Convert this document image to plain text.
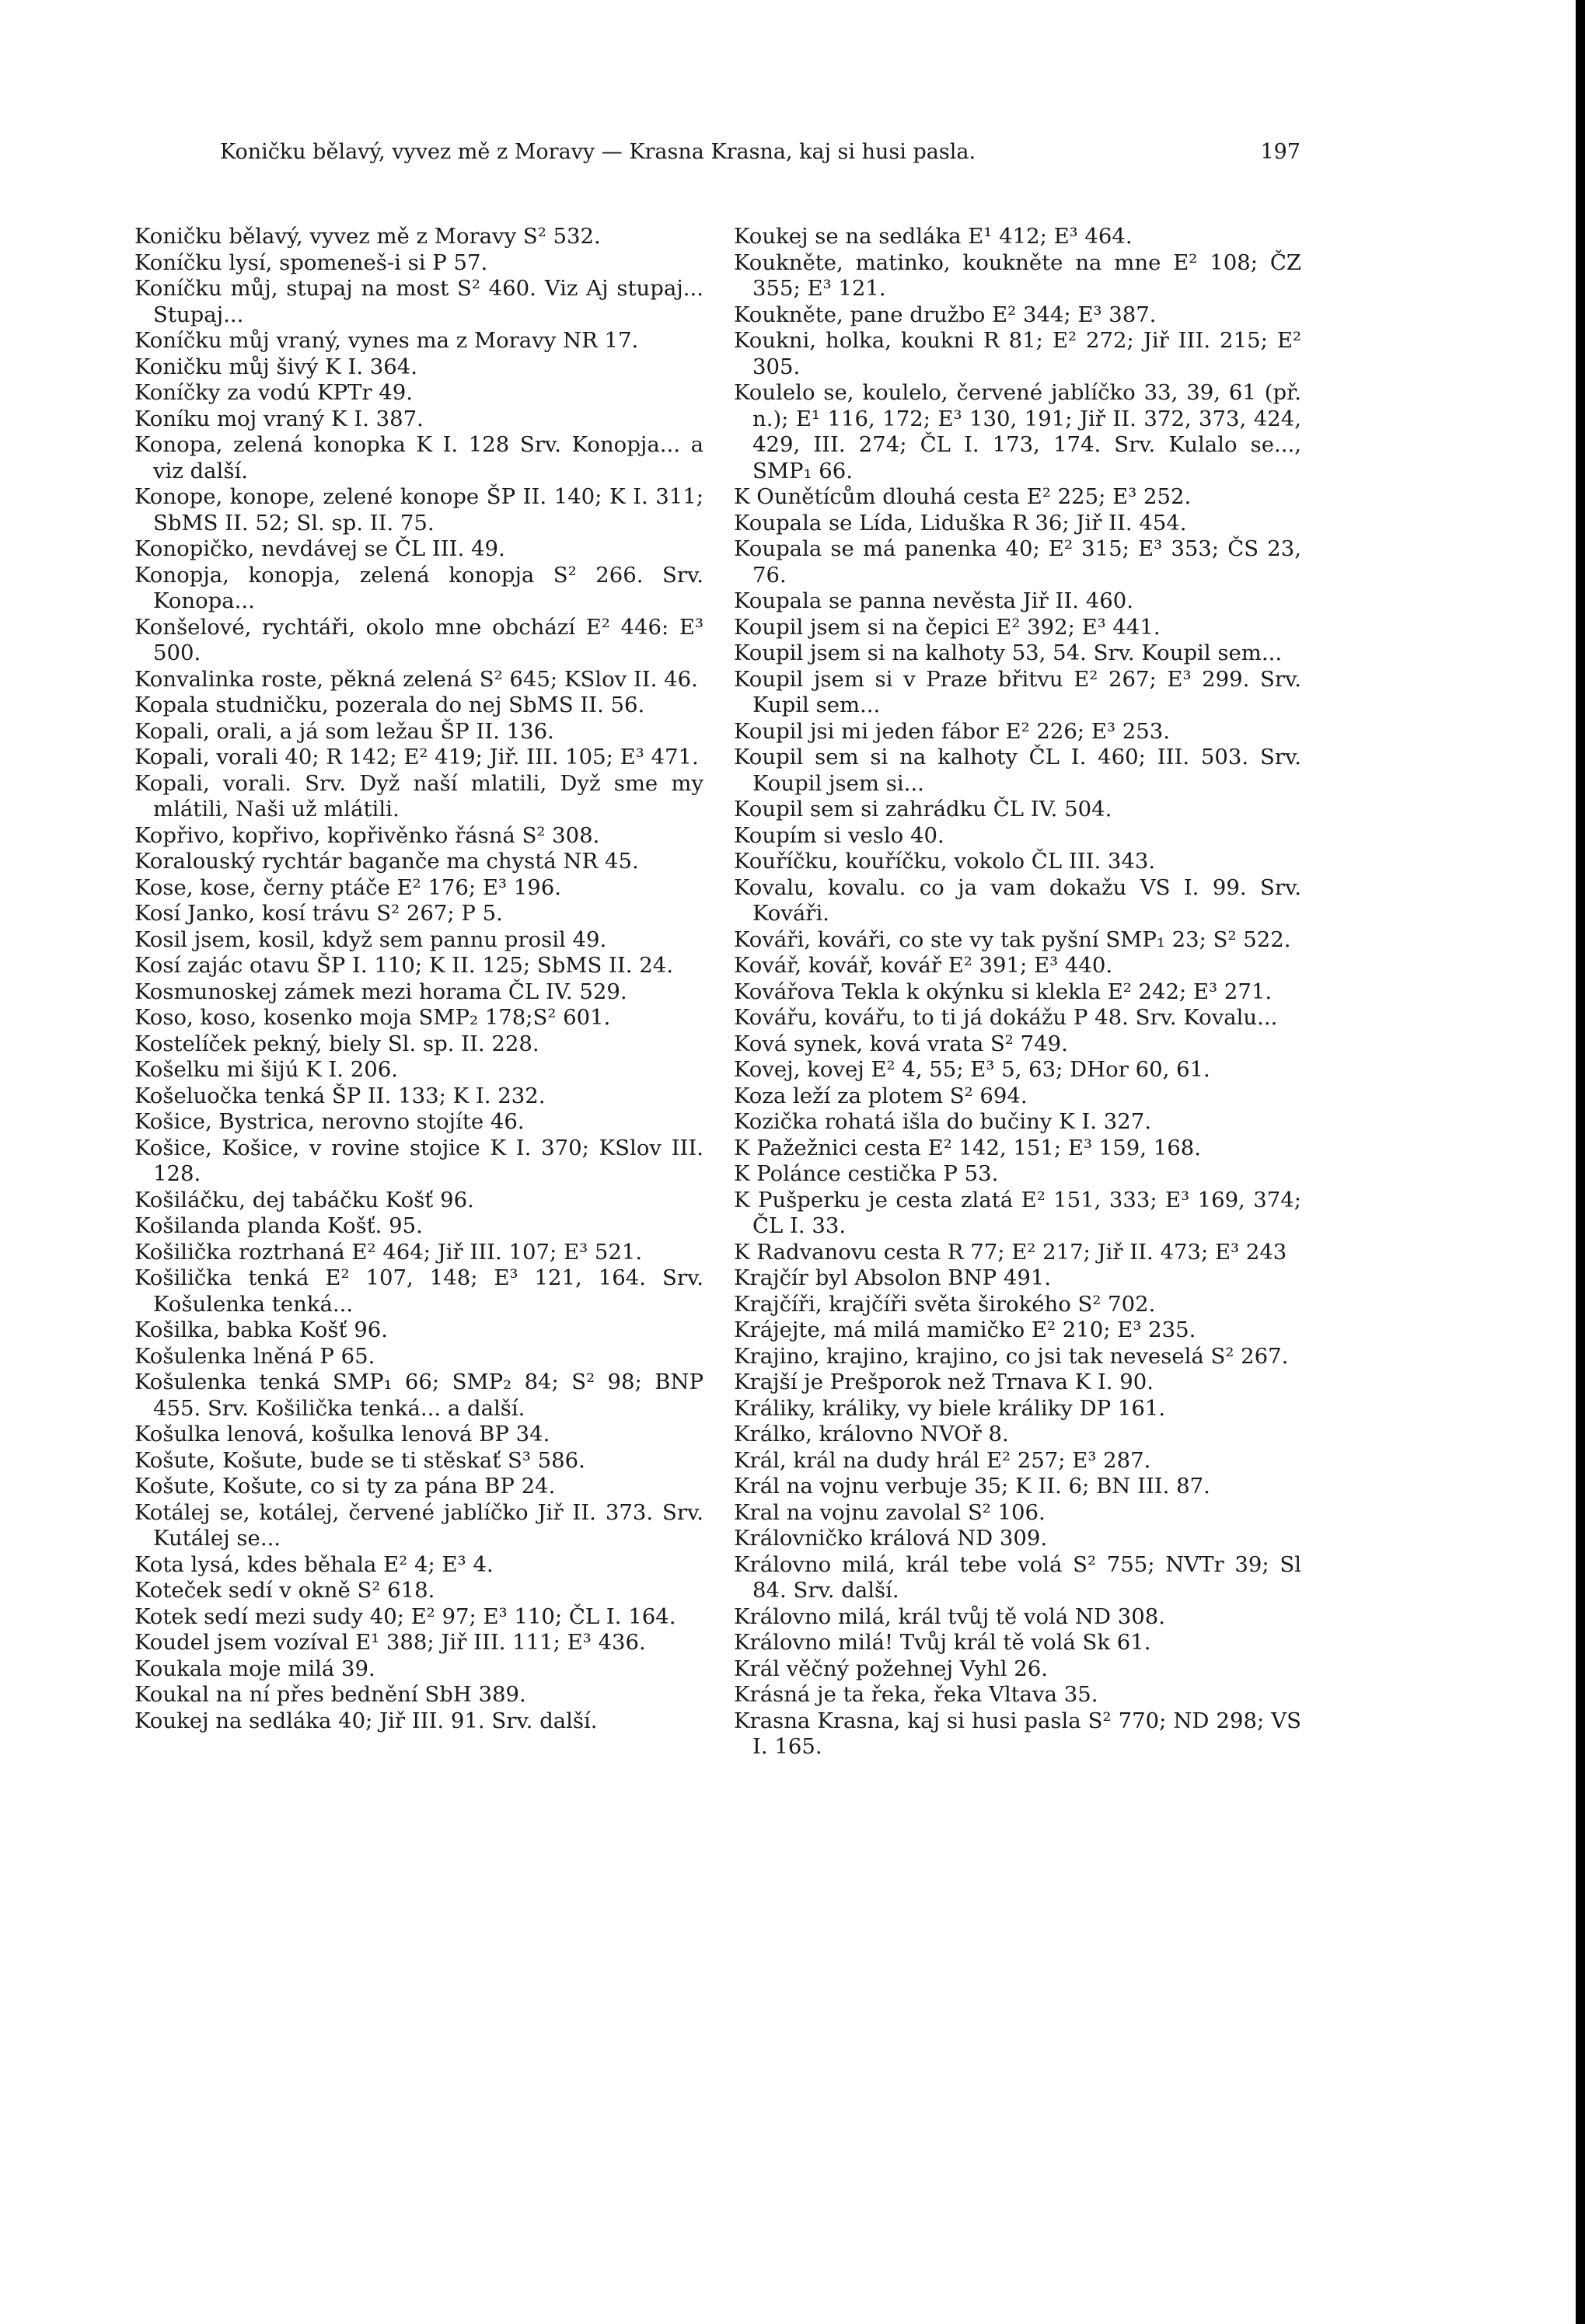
Koničku bělavý, vyvez mě z Moravy — Krasna Krasna, kaj si husi pasla.	197

Koničku bělavý, vyvez mě z Moravy S² 532.

Koníčku lysí, spomeneš-i si P 57.

Koníčku můj, stupaj na most S² 460. Viz Aj stupaj... Stupaj...

Koníčku můj vraný, vynes ma z Moravy NR 17.

Koničku můj šivý K I. 364.

Koníčky za vodú KPTr 49.

Koníku moj vraný K I. 387.

Konopa, zelená konopka K I. 128 Srv. Konopja... a viz další.

Konope, konope, zelené konope ŠP II. 140; K I. 311; SbMS II. 52; Sl. sp. II. 75.

Konopičko, nevdávej se ČL III. 49.

Konopja, konopja, zelená konopja S² 266. Srv. Konopa...

Konšelové, rychtáři, okolo mne obchází E² 446: E³ 500.

Konvalinka roste, pěkná zelená S² 645; KSlov II. 46.

Kopala studničku, pozerala do nej SbMS II. 56.

Kopali, orali, a já som ležau ŠP II. 136.

Kopali, vorali 40; R 142; E² 419; Jiř. III. 105; E³ 471.

Kopali, vorali. Srv. Dyž naší mlatili, Dyž sme my mlátili, Naši už mlátili.

Kopřivo, kopřivo, kopřivěnko řásná S² 308.

Koralouský rychtár baganče ma chystá NR 45.

Kose, kose, černy ptáče E² 176; E³ 196.

Kosí Janko, kosí trávu S² 267; P 5.

Kosil jsem, kosil, když sem pannu prosil 49.

Kosí zajác otavu ŠP I. 110; K II. 125; SbMS II. 24.

Kosmunoskej zámek mezi horama ČL IV. 529.

Koso, koso, kosenko moja SMP₂ 178;S² 601.

Kostelíček pekný, biely Sl. sp. II. 228.

Košelku mi šijú K I. 206.

Košeluočka tenká ŠP II. 133; K I. 232.

Košice, Bystrica, nerovno stojíte 46.

Košice, Košice, v rovine stojice K I. 370; KSlov III. 128.

Košiláčku, dej tabáčku Košť 96.

Košilanda planda Košť. 95.

Košilička roztrhaná E² 464; Jiř III. 107; E³ 521.

Košilička tenká E² 107, 148; E³ 121, 164. Srv. Košulenka tenká...

Košilka, babka Košť 96.

Košulenka lněná P 65.

Košulenka tenká SMP₁ 66; SMP₂ 84; S² 98; BNP 455. Srv. Košilička tenká... a další.

Košulka lenová, košulka lenová BP 34.

Košute, Košute, bude se ti stěskať S³ 586.

Košute, Košute, co si ty za pána BP 24.

Kotálej se, kotálej, červené jablíčko Jiř II. 373. Srv. Kutálej se...

Kota lysá, kdes běhala E² 4; E³ 4.

Koteček sedí v okně S² 618.

Kotek sedí mezi sudy 40; E² 97; E³ 110; ČL I. 164.

Koudel jsem vozíval E¹ 388; Jiř III. 111; E³ 436.

Koukala moje milá 39.

Koukal na ní přes bednění SbH 389.

Koukej na sedláka 40; Jiř III. 91. Srv. další.

Koukej se na sedláka E¹ 412; E³ 464.

Koukněte, matinko, koukněte na mne E² 108; ČZ 355; E³ 121.

Koukněte, pane družbo E² 344; E³ 387.

Koukni, holka, koukni R 81; E² 272; Jiř III. 215; E² 305.

Koulelo se, koulelo, červené jablíčko 33, 39, 61 (př. n.); E¹ 116, 172; E³ 130, 191; Jiř II. 372, 373, 424, 429, III. 274; ČL I. 173, 174. Srv. Kulalo se..., SMP₁ 66.

K Ounětícům dlouhá cesta E² 225; E³ 252.

Koupala se Lída, Liduška R 36; Jiř II. 454.

Koupala se má panenka 40; E² 315; E³ 353; ČS 23, 76.

Koupala se panna nevěsta Jiř II. 460.

Koupil jsem si na čepici E² 392; E³ 441.

Koupil jsem si na kalhoty 53, 54. Srv. Koupil sem...

Koupil jsem si v Praze břitvu E² 267; E³ 299. Srv. Kupil sem...

Koupil jsi mi jeden fábor E² 226; E³ 253.

Koupil sem si na kalhoty ČL I. 460; III. 503. Srv. Koupil jsem si...

Koupil sem si zahrádku ČL IV. 504.

Koupím si veslo 40.

Kouříčku, kouříčku, vokolo ČL III. 343.

Kovalu, kovalu. co ja vam dokažu VS I. 99. Srv. Kováři.

Kováři, kováři, co ste vy tak pyšní SMP₁ 23; S² 522.

Kovář, kovář, kovář E² 391; E³ 440.

Kovářova Tekla k okýnku si klekla E² 242; E³ 271.

Kovářu, kovářu, to ti já dokážu P 48. Srv. Kovalu...

Ková synek, ková vrata S² 749.

Kovej, kovej E² 4, 55; E³ 5, 63; DHor 60, 61.

Koza leží za plotem S² 694.

Kozička rohatá išla do bučiny K I. 327.

K Pažežnici cesta E² 142, 151; E³ 159, 168.

K Polánce cestička P 53.

K Pušperku je cesta zlatá E² 151, 333; E³ 169, 374; ČL I. 33.

K Radvanovu cesta R 77; E² 217; Jiř II. 473; E³ 243

Krajčír byl Absolon BNP 491.

Krajčíři, krajčíři světa širokého S² 702.

Krájejte, má milá mamičko E² 210; E³ 235.

Krajino, krajino, krajino, co jsi tak neveselá S² 267.

Krajší je Prešporok než Trnava K I. 90.

Králiky, králiky, vy biele králiky DP 161.

Králko, královno NVOř 8.

Král, král na dudy hrál E² 257; E³ 287.

Král na vojnu verbuje 35; K II. 6; BN III. 87.

Kral na vojnu zavolal S² 106.

Královničko králová ND 309.

Královno milá, král tebe volá S² 755; NVTr 39; Sl 84. Srv. další.

Královno milá, král tvůj tě volá ND 308.

Královno milá! Tvůj král tě volá Sk 61.

Král věčný požehnej Vyhl 26.

Krásná je ta řeka, řeka Vltava 35.

Krasna Krasna, kaj si husi pasla S² 770; ND 298; VS I. 165.
